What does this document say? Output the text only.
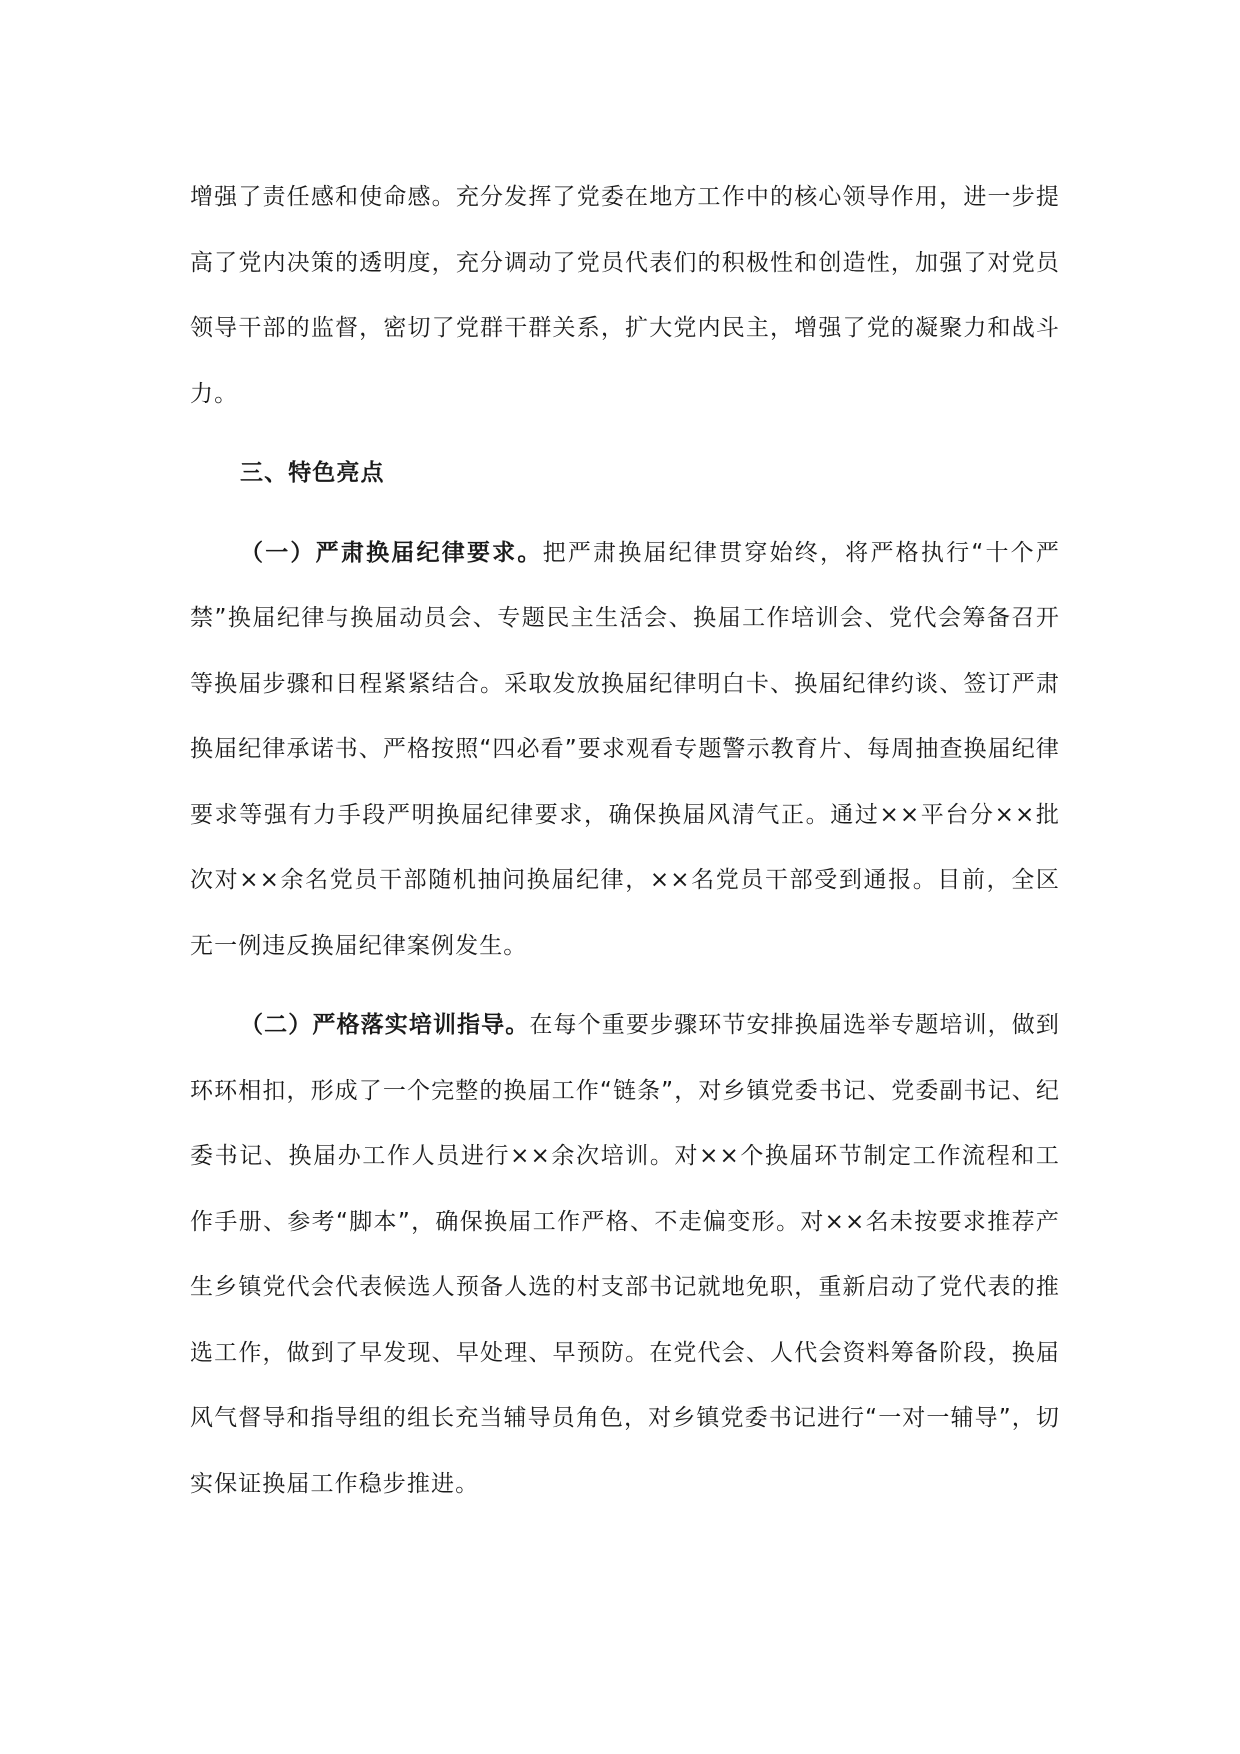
增强了责任感和使命感。充分发挥了党委在地方工作中的核心领导作用，进一步提高了党内决策的透明度，充分调动了党员代表们的积极性和创造性，加强了对党员领导干部的监督，密切了党群干群关系，扩大党内民主，增强了党的凝聚力和战斗力。

三、特色亮点

（一）严肃换届纪律要求。把严肃换届纪律贯穿始终，将严格执行“十个严禁”换届纪律与换届动员会、专题民主生活会、换届工作培训会、党代会筹备召开等换届步骤和日程紧紧结合。采取发放换届纪律明白卡、换届纪律约谈、签订严肃换届纪律承诺书、严格按照“四必看”要求观看专题警示教育片、每周抽查换届纪律要求等强有力手段严明换届纪律要求，确保换届风清气正。通过××平台分××批次对××余名党员干部随机抽问换届纪律，××名党员干部受到通报。目前，全区无一例违反换届纪律案例发生。

（二）严格落实培训指导。在每个重要步骤环节安排换届选举专题培训，做到环环相扣，形成了一个完整的换届工作“链条”，对乡镇党委书记、党委副书记、纪委书记、换届办工作人员进行××余次培训。对××个换届环节制定工作流程和工作手册、参考“脚本”，确保换届工作严格、不走偏变形。对××名未按要求推荐产生乡镇党代会代表候选人预备人选的村支部书记就地免职，重新启动了党代表的推选工作，做到了早发现、早处理、早预防。在党代会、人代会资料筹备阶段，换届风气督导和指导组的组长充当辅导员角色，对乡镇党委书记进行“一对一辅导”，切实保证换届工作稳步推进。
